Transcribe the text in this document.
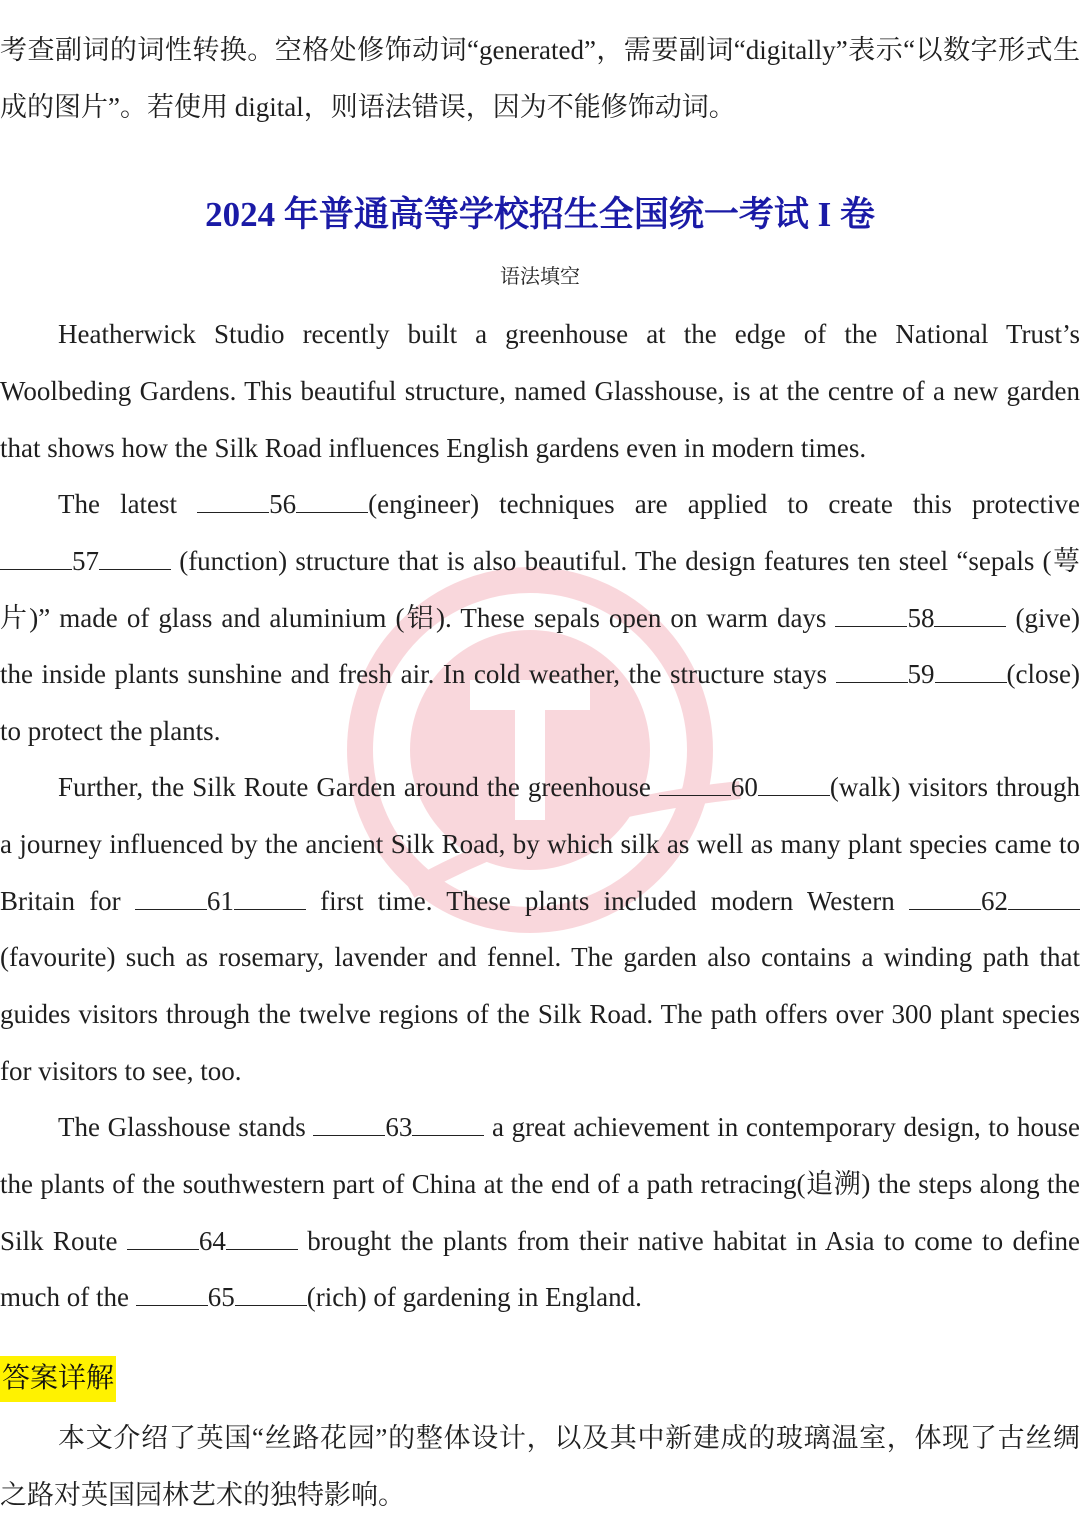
考查副词的词性转换。空格处修饰动词“generated”，需要副词“digitally”表示“以数字形式生成的图片”。若使用 digital，则语法错误，因为不能修饰动词。

2024 年普通高等学校招生全国统一考试 I 卷
语法填空

Heatherwick Studio recently built a greenhouse at the edge of the National Trust’s Woolbeding Gardens. This beautiful structure, named Glasshouse, is at the centre of a new garden that shows how the Silk Road influences English gardens even in modern times.

The latest	56	(engineer) techniques are applied to create this protective 57	(function) structure that is also beautiful. The design features ten steel “sepals (萼片)” made of glass and aluminium (铝). These sepals open on warm days	58	(give) the inside plants sunshine and fresh air. In cold weather, the structure stays	59	(close) to protect the plants.

Further, the Silk Route Garden around the greenhouse	60	(walk) visitors through a journey influenced by the ancient Silk Road, by which silk as well as many plant species came to Britain for	61	first time. These plants included modern Western	62 (favourite) such as rosemary, lavender and fennel. The garden also contains a winding path that guides visitors through the twelve regions of the Silk Road. The path offers over 300 plant species for visitors to see, too.

The Glasshouse stands	63	a great achievement in contemporary design, to house the plants of the southwestern part of China at the end of a path retracing(追溯) the steps along the Silk Route	64	brought the plants from their native habitat in Asia to come to define much of the	65	(rich) of gardening in England.

答案详解

本文介绍了英国“丝路花园”的整体设计，以及其中新建成的玻璃温室，体现了古丝绸之路对英国园林艺术的独特影响。
